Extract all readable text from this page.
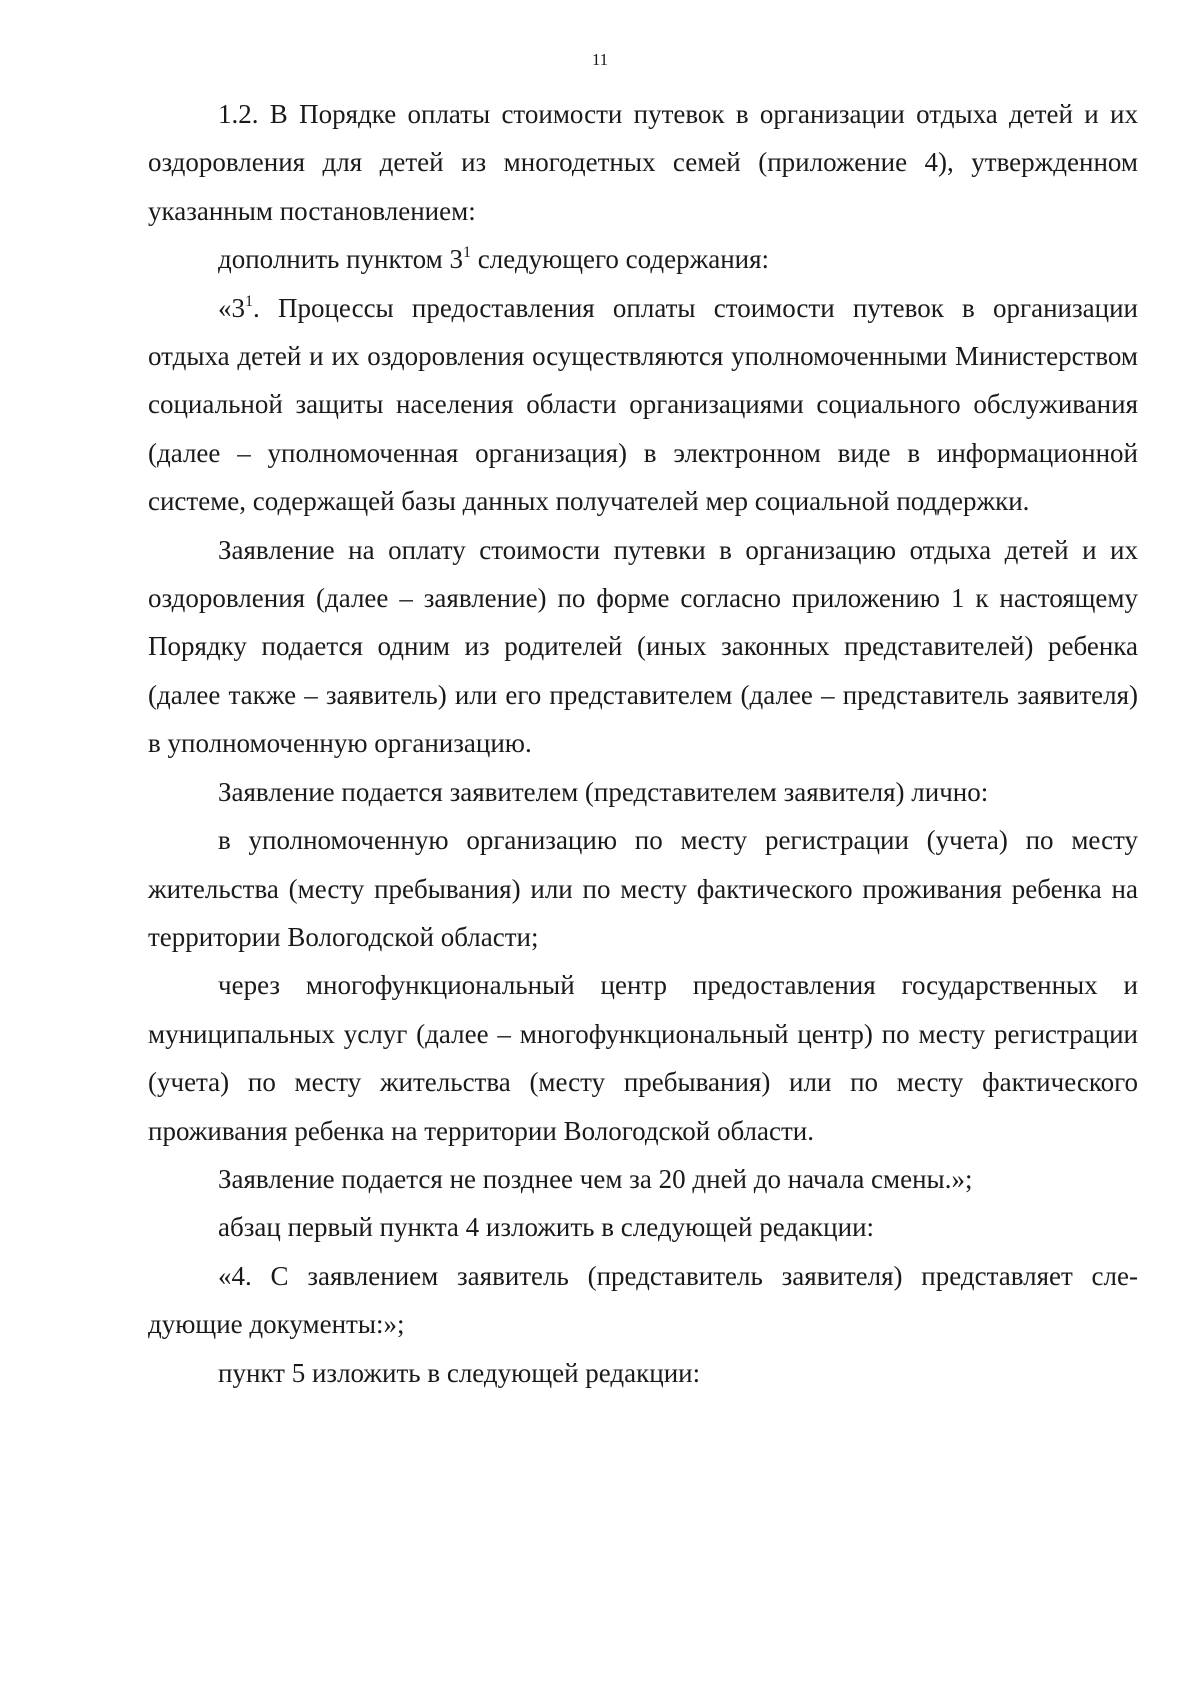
11

1.2. В Порядке оплаты стоимости путевок в организации отдыха детей и их оздоровления для детей из многодетных семей (приложение 4), утвержденном указанным постановлением:

дополнить пунктом $3^1$ следующего содержания:

«$3^1$. Процессы предоставления оплаты стоимости путевок в организации отдыха детей и их оздоровления осуществляются уполномоченными Министерством социальной защиты населения области организациями социального обслуживания (далее – уполномоченная организация) в электронном виде в информационной системе, содержащей базы данных получателей мер социальной поддержки.

Заявление на оплату стоимости путевки в организацию отдыха детей и их оздоровления (далее – заявление) по форме согласно приложению 1 к настоящему Порядку подается одним из родителей (иных законных представителей) ребенка (далее также – заявитель) или его представителем (далее – представитель заявителя) в уполномоченную организацию.

Заявление подается заявителем (представителем заявителя) лично:

в уполномоченную организацию по месту регистрации (учета) по месту жительства (месту пребывания) или по месту фактического проживания ребенка на территории Вологодской области;

через многофункциональный центр предоставления государственных и муниципальных услуг (далее – многофункциональный центр) по месту регистрации (учета) по месту жительства (месту пребывания) или по месту фактического проживания ребенка на территории Вологодской области.

Заявление подается не позднее чем за 20 дней до начала смены.»;

абзац первый пункта 4 изложить в следующей редакции:

«4. С заявлением заявитель (представитель заявителя) представляет следующие документы:»;

пункт 5 изложить в следующей редакции:
